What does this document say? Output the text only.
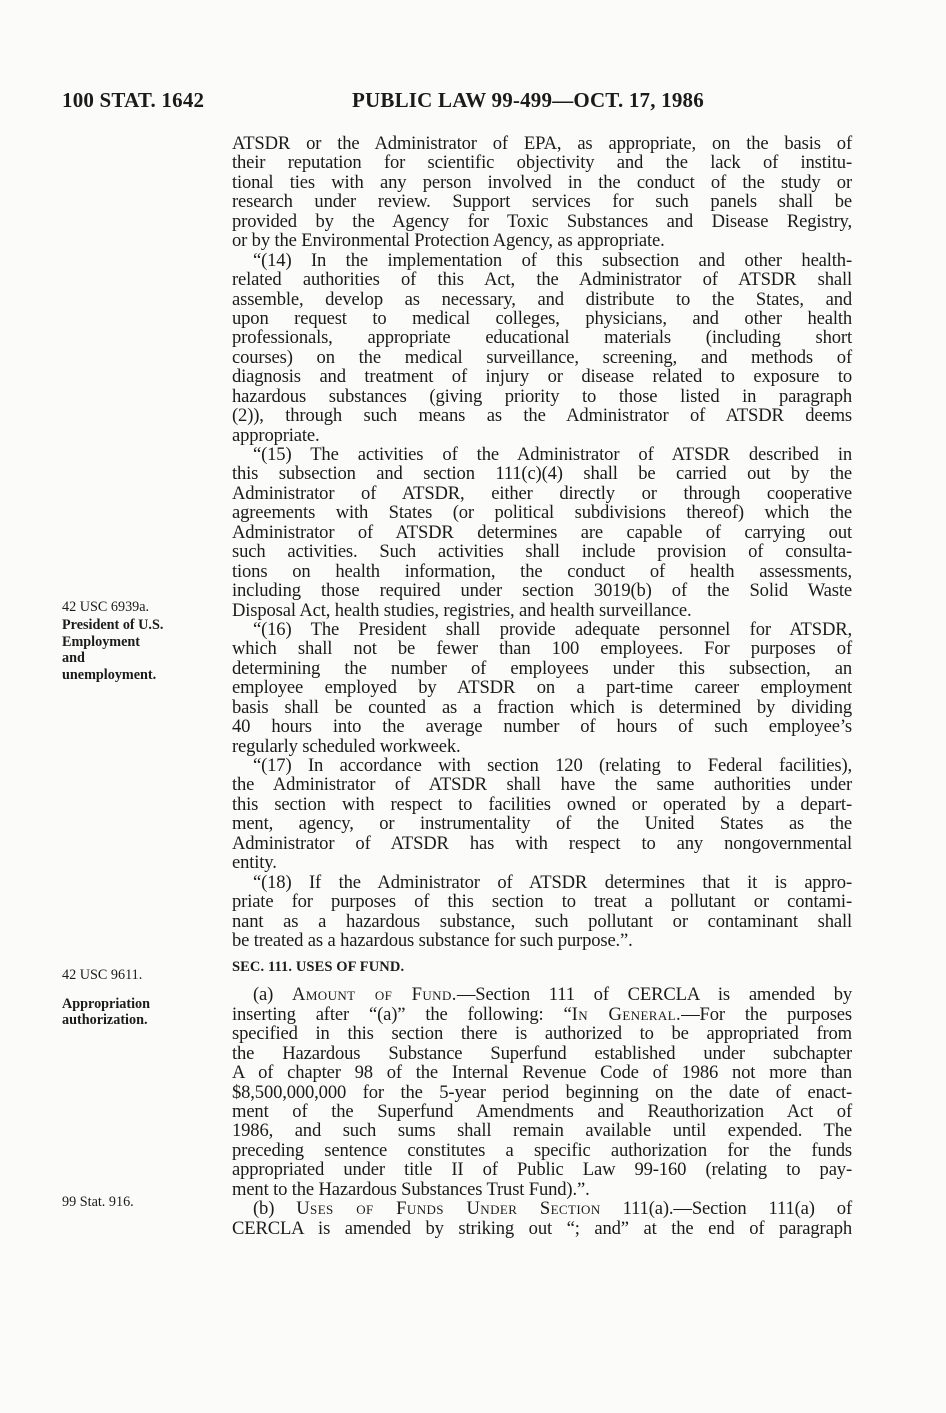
100 STAT. 1642	PUBLIC LAW 99-499—OCT. 17, 1986
42 USC 6939a.
President of U.S.
Employment
and
unemployment.
42 USC 9611.
Appropriation
authorization.
99 Stat. 916.
ATSDR or the Administrator of EPA, as appropriate, on the basis of
their reputation for scientific objectivity and the lack of institu-
tional ties with any person involved in the conduct of the study or
research under review. Support services for such panels shall be
provided by the Agency for Toxic Substances and Disease Registry,
or by the Environmental Protection Agency, as appropriate.
“(14) In the implementation of this subsection and other health-
related authorities of this Act, the Administrator of ATSDR shall
assemble, develop as necessary, and distribute to the States, and
upon request to medical colleges, physicians, and other health
professionals, appropriate educational materials (including short
courses) on the medical surveillance, screening, and methods of
diagnosis and treatment of injury or disease related to exposure to
hazardous substances (giving priority to those listed in paragraph
(2)), through such means as the Administrator of ATSDR deems
appropriate.
“(15) The activities of the Administrator of ATSDR described in
this subsection and section 111(c)(4) shall be carried out by the
Administrator of ATSDR, either directly or through cooperative
agreements with States (or political subdivisions thereof) which the
Administrator of ATSDR determines are capable of carrying out
such activities. Such activities shall include provision of consulta-
tions on health information, the conduct of health assessments,
including those required under section 3019(b) of the Solid Waste
Disposal Act, health studies, registries, and health surveillance.
“(16) The President shall provide adequate personnel for ATSDR,
which shall not be fewer than 100 employees. For purposes of
determining the number of employees under this subsection, an
employee employed by ATSDR on a part-time career employment
basis shall be counted as a fraction which is determined by dividing
40 hours into the average number of hours of such employee’s
regularly scheduled workweek.
“(17) In accordance with section 120 (relating to Federal facilities),
the Administrator of ATSDR shall have the same authorities under
this section with respect to facilities owned or operated by a depart-
ment, agency, or instrumentality of the United States as the
Administrator of ATSDR has with respect to any nongovernmental
entity.
“(18) If the Administrator of ATSDR determines that it is appro-
priate for purposes of this section to treat a pollutant or contami-
nant as a hazardous substance, such pollutant or contaminant shall
be treated as a hazardous substance for such purpose.”.
SEC. 111. USES OF FUND.
(a) Amount of Fund.—Section 111 of CERCLA is amended by
inserting after “(a)” the following: “In General.—For the purposes
specified in this section there is authorized to be appropriated from
the Hazardous Substance Superfund established under subchapter
A of chapter 98 of the Internal Revenue Code of 1986 not more than
$8,500,000,000 for the 5-year period beginning on the date of enact-
ment of the Superfund Amendments and Reauthorization Act of
1986, and such sums shall remain available until expended. The
preceding sentence constitutes a specific authorization for the funds
appropriated under title II of Public Law 99-160 (relating to pay-
ment to the Hazardous Substances Trust Fund).”.
(b) Uses of Funds Under Section 111(a).—Section 111(a) of
CERCLA is amended by striking out “; and” at the end of paragraph
